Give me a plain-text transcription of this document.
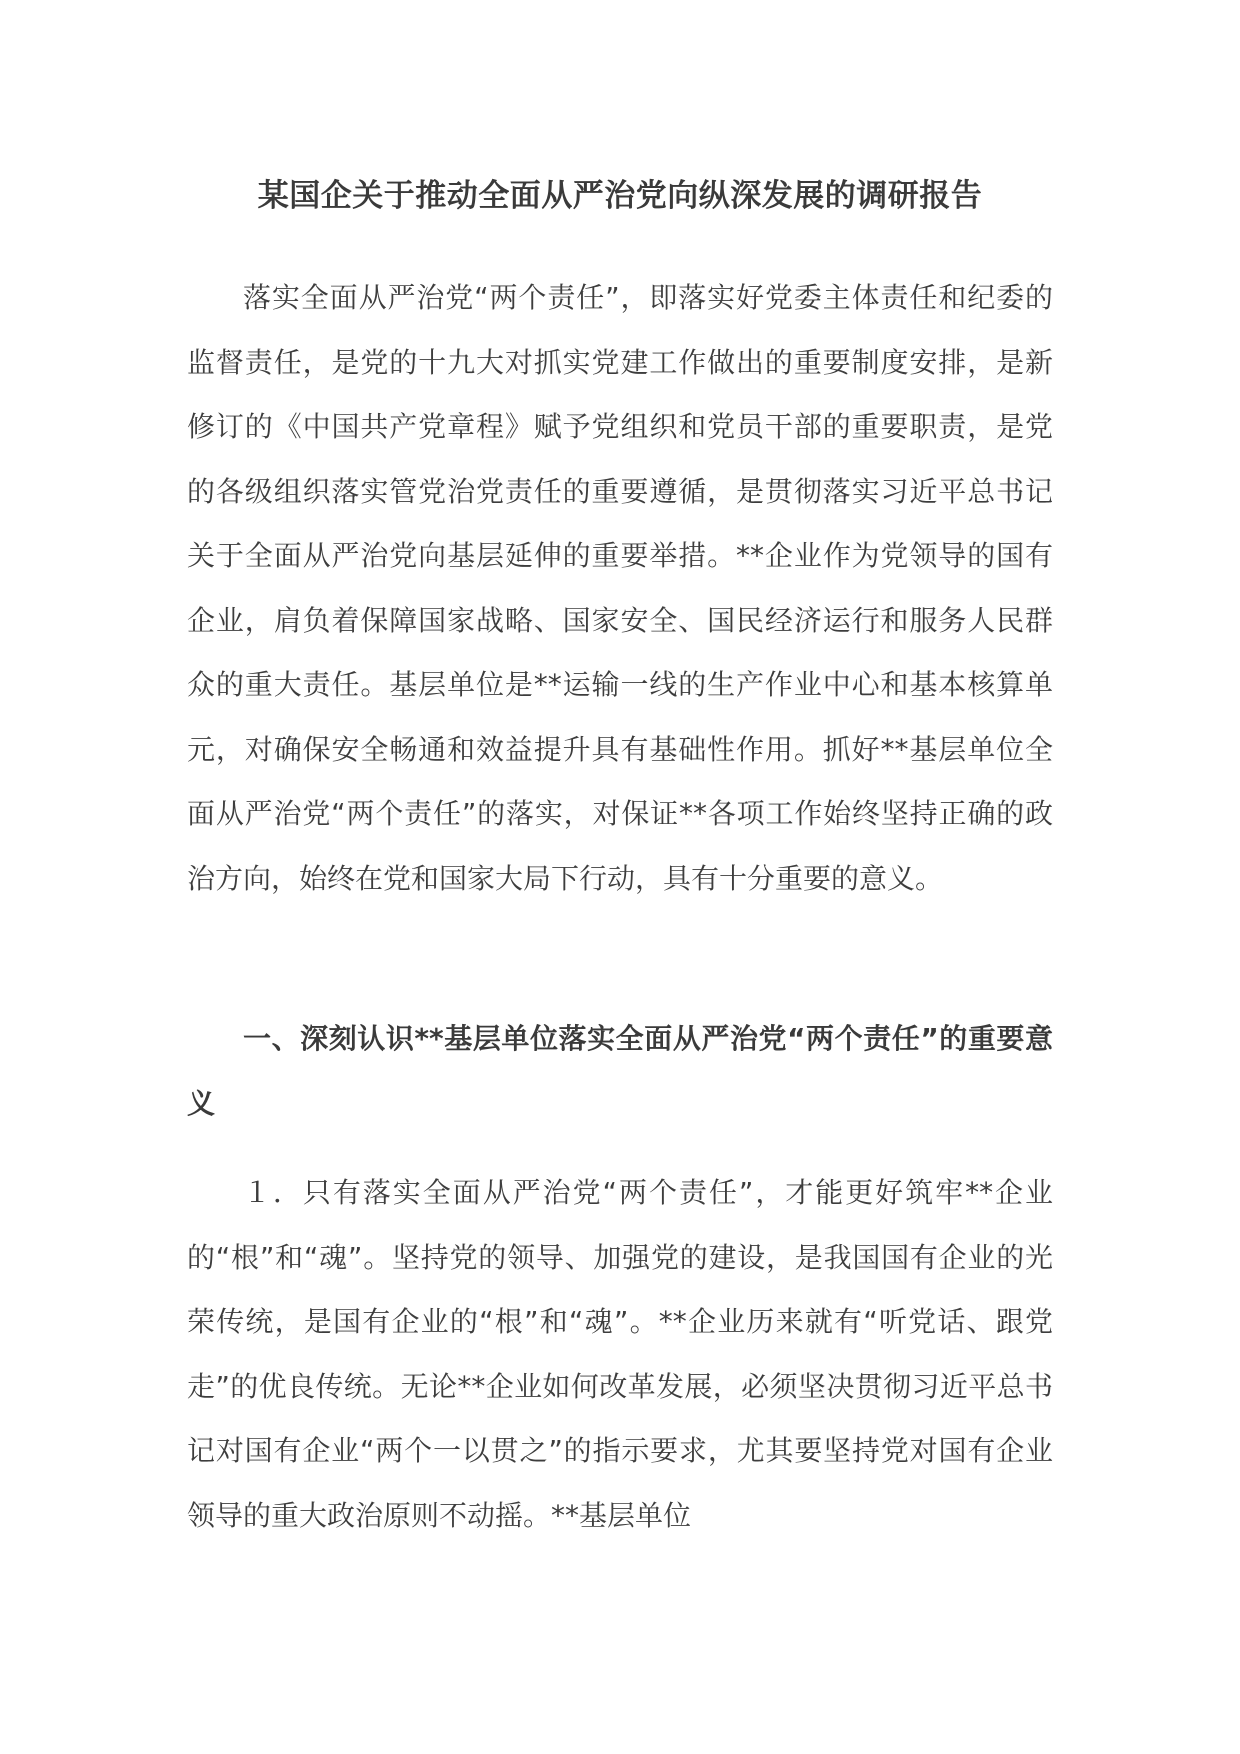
某国企关于推动全面从严治党向纵深发展的调研报告

落实全面从严治党“两个责任”，即落实好党委主体责任和纪委的监督责任，是党的十九大对抓实党建工作做出的重要制度安排，是新修订的《中国共产党章程》赋予党组织和党员干部的重要职责，是党的各级组织落实管党治党责任的重要遵循，是贯彻落实习近平总书记关于全面从严治党向基层延伸的重要举措。**企业作为党领导的国有企业，肩负着保障国家战略、国家安全、国民经济运行和服务人民群众的重大责任。基层单位是**运输一线的生产作业中心和基本核算单元，对确保安全畅通和效益提升具有基础性作用。抓好**基层单位全面从严治党“两个责任”的落实，对保证**各项工作始终坚持正确的政治方向，始终在党和国家大局下行动，具有十分重要的意义。

一、深刻认识**基层单位落实全面从严治党“两个责任”的重要意义

１．只有落实全面从严治党“两个责任”，才能更好筑牢**企业的“根”和“魂”。坚持党的领导、加强党的建设，是我国国有企业的光荣传统，是国有企业的“根”和“魂”。**企业历来就有“听党话、跟党走”的优良传统。无论**企业如何改革发展，必须坚决贯彻习近平总书记对国有企业“两个一以贯之”的指示要求，尤其要坚持党对国有企业领导的重大政治原则不动摇。**基层单位
